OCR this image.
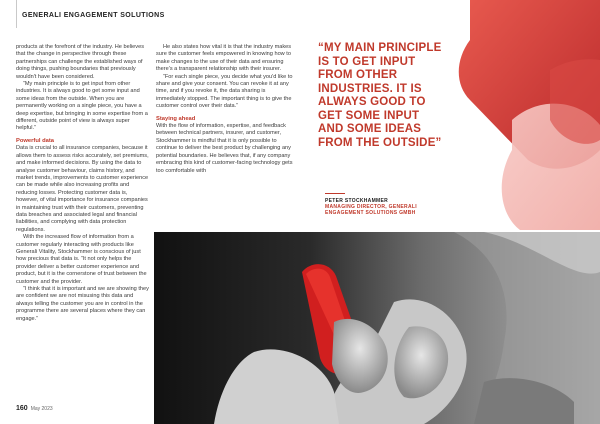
GENERALI ENGAGEMENT SOLUTIONS

products at the forefront of the industry. He believes that the change in perspective through these partnerships can challenge the established ways of doing things, pushing boundaries that previously wouldn't have been considered.

“My main principle is to get input from other industries. It is always good to get some input and some ideas from the outside. When you are permanently working on a single piece, you have a deep expertise, but bringing in some expertise from a different, outside point of view is always super helpful.”

Powerful data

Data is crucial to all insurance companies, because it allows them to assess risks accurately, set premiums, and make informed decisions. By using the data to analyse customer behaviour, claims history, and market trends, improvements to customer experience can be made while also increasing profits and reducing losses. Protecting customer data is, however, of vital importance for insurance companies in maintaining trust with their customers, preventing data breaches and associated legal and financial liabilities, and complying with data protection regulations.

With the increased flow of information from a customer regularly interacting with products like Generali Vitality, Stockhammer is conscious of just how precious that data is. “It not only helps the provider deliver a better customer experience and product, but it is the cornerstone of trust between the customer and the provider.

“I think that it is important and we are showing they are confident we are not misusing this data and always telling the customer you are in control in the programme there are several places where they can engage.”

He also states how vital it is that the industry makes sure the customer feels empowered in knowing how to make changes to the use of their data and ensuring there's a transparent relationship with their insurer.

“For each single piece, you decide what you'd like to share and give your consent. You can revoke it at any time, and if you revoke it, the data sharing is immediately stopped. The important thing is to give the customer control over their data.”

Staying ahead

With the flow of information, expertise, and feedback between technical partners, insurer, and customer, Stockhammer is mindful that it is only possible to continue to deliver the best product by challenging any potential boundaries. He believes that, if any company embracing this kind of customer-facing technology gets too comfortable with

“MY MAIN PRINCIPLE IS TO GET INPUT FROM OTHER INDUSTRIES. IT IS ALWAYS GOOD TO GET SOME INPUT AND SOME IDEAS FROM THE OUTSIDE”
PETER STOCKHAMMER
MANAGING DIRECTOR, GENERALI ENGAGEMENT SOLUTIONS GMBH
160 May 2023
